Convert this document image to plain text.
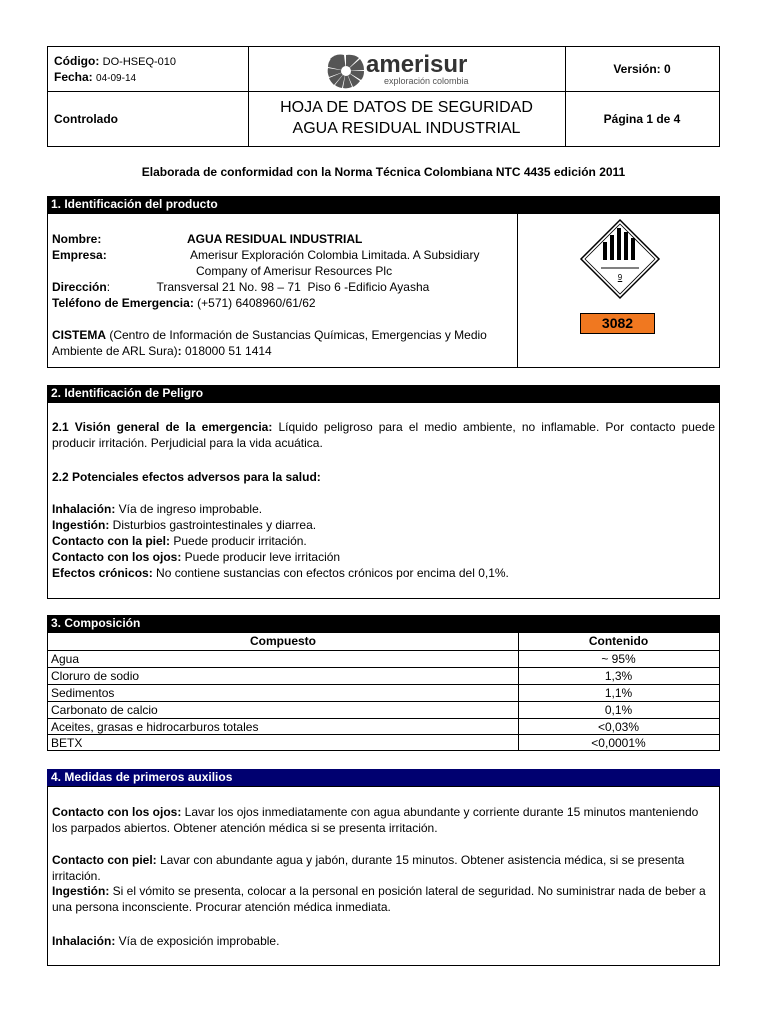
Código: DO-HSEQ-010
Fecha: 04-09-14
amerisur
exploración colombia
Versión: 0
Controlado
HOJA DE DATOS DE SEGURIDAD
AGUA RESIDUAL INDUSTRIAL
Página 1 de 4
Elaborada de conformidad con la Norma Técnica Colombiana NTC 4435 edición 2011
1. Identificación del producto
Nombre:	AGUA RESIDUAL INDUSTRIAL
Empresa:	Amerisur Exploración Colombia Limitada. A Subsidiary
Company of Amerisur Resources Plc
Dirección:              Transversal 21 No. 98 – 71  Piso 6 -Edificio Ayasha
Teléfono de Emergencia: (+571) 6408960/61/62
CISTEMA (Centro de Información de Sustancias Químicas, Emergencias y Medio
Ambiente de ARL Sura): 018000 51 1414
9
3082
2. Identificación de Peligro
2.1 Visión general de la emergencia: Líquido peligroso para el medio ambiente, no inflamable. Por contacto puede producir irritación. Perjudicial para la vida acuática.
2.2 Potenciales efectos adversos para la salud:

Inhalación: Vía de ingreso improbable.

Ingestión: Disturbios gastrointestinales y diarrea.

Contacto con la piel: Puede producir irritación.

Contacto con los ojos: Puede producir leve irritación

Efectos crónicos: No contiene sustancias con efectos crónicos por encima del 0,1%.

3. Composición
Compuesto	Contenido
Agua	~ 95%
Cloruro de sodio	1,3%
Sedimentos	1,1%
Carbonato de calcio	0,1%
Aceites, grasas e hidrocarburos totales	<0,03%
BETX	<0,0001%
4. Medidas de primeros auxilios
Contacto con los ojos: Lavar los ojos inmediatamente con agua abundante y corriente durante 15 minutos manteniendo los parpados abiertos. Obtener atención médica si se presenta irritación.
Contacto con piel: Lavar con abundante agua y jabón, durante 15 minutos. Obtener asistencia médica, si se presenta irritación.
Ingestión: Si el vómito se presenta, colocar a la personal en posición lateral de seguridad. No suministrar nada de beber a una persona inconsciente. Procurar atención médica inmediata.
Inhalación: Vía de exposición improbable.
